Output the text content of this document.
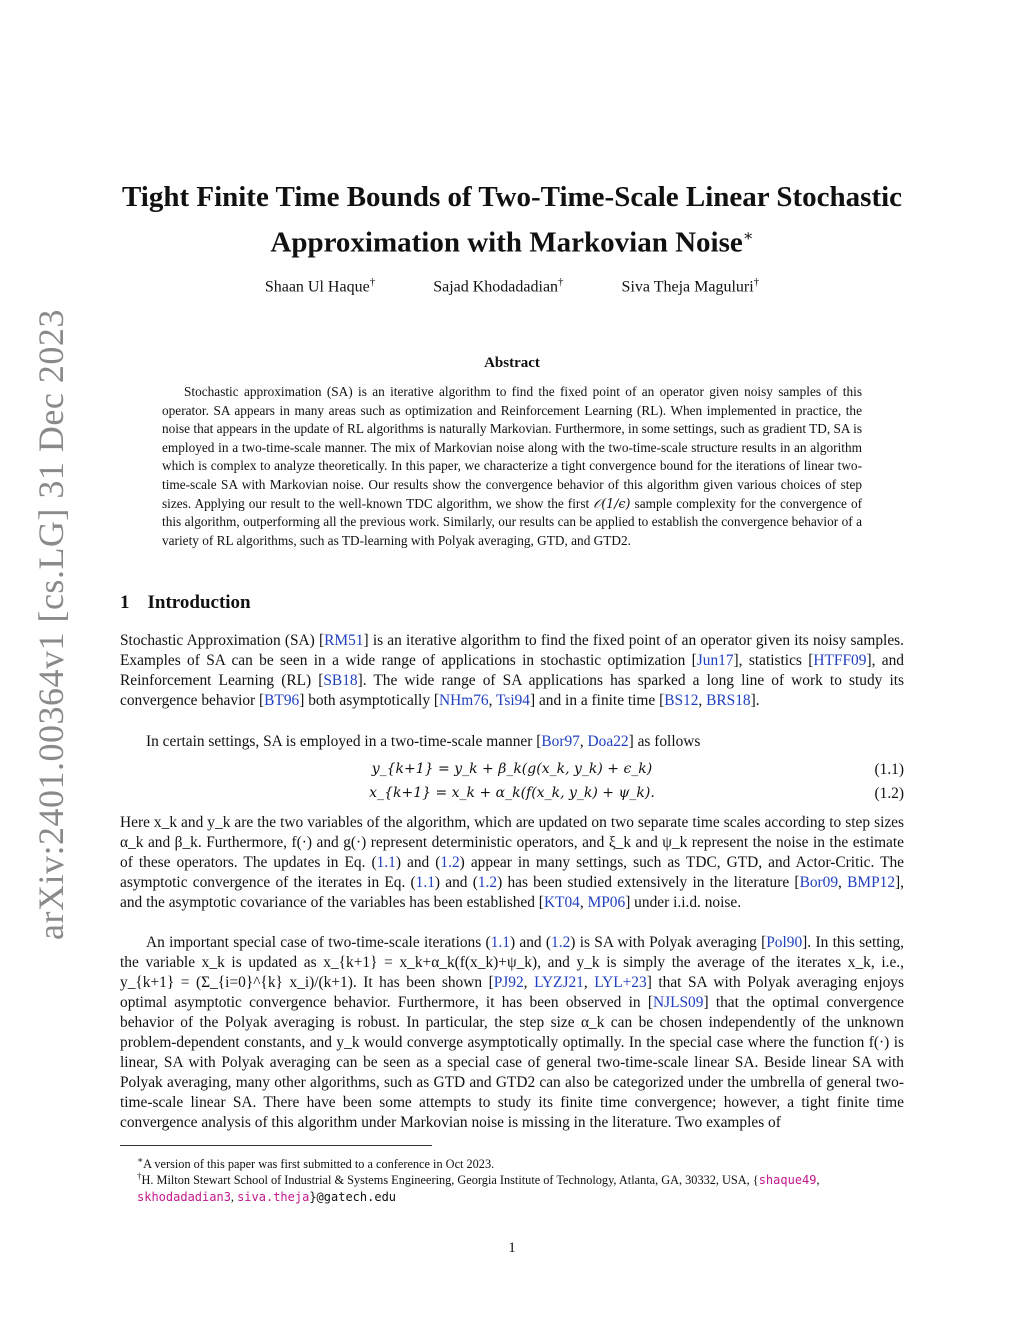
arXiv:2401.00364v1 [cs.LG] 31 Dec 2023
Tight Finite Time Bounds of Two-Time-Scale Linear Stochastic
Approximation with Markovian Noise∗
Shaan Ul Haque†	Sajad Khodadadian†	Siva Theja Maguluri†
Abstract
Stochastic approximation (SA) is an iterative algorithm to find the fixed point of an operator given noisy samples of this operator. SA appears in many areas such as optimization and Reinforcement Learning (RL). When implemented in practice, the noise that appears in the update of RL algorithms is naturally Markovian. Furthermore, in some settings, such as gradient TD, SA is employed in a two-time-scale manner. The mix of Markovian noise along with the two-time-scale structure results in an algorithm which is complex to analyze theoretically. In this paper, we characterize a tight convergence bound for the iterations of linear two-time-scale SA with Markovian noise. Our results show the convergence behavior of this algorithm given various choices of step sizes. Applying our result to the well-known TDC algorithm, we show the first 𝒪(1/ϵ) sample complexity for the convergence of this algorithm, outperforming all the previous work. Similarly, our results can be applied to establish the convergence behavior of a variety of RL algorithms, such as TD-learning with Polyak averaging, GTD, and GTD2.
1 Introduction
Stochastic Approximation (SA) [RM51] is an iterative algorithm to find the fixed point of an operator given its noisy samples. Examples of SA can be seen in a wide range of applications in stochastic optimization [Jun17], statistics [HTFF09], and Reinforcement Learning (RL) [SB18]. The wide range of SA applications has sparked a long line of work to study its convergence behavior [BT96] both asymptotically [NHm76, Tsi94] and in a finite time [BS12, BRS18].
In certain settings, SA is employed in a two-time-scale manner [Bor97, Doa22] as follows
y_{k+1} = y_k + β_k(g(x_k, y_k) + ϵ_k)	(1.1)
x_{k+1} = x_k + α_k(f(x_k, y_k) + ψ_k).	(1.2)
Here x_k and y_k are the two variables of the algorithm, which are updated on two separate time scales according to step sizes α_k and β_k. Furthermore, f(·) and g(·) represent deterministic operators, and ξ_k and ψ_k represent the noise in the estimate of these operators. The updates in Eq. (1.1) and (1.2) appear in many settings, such as TDC, GTD, and Actor-Critic. The asymptotic convergence of the iterates in Eq. (1.1) and (1.2) has been studied extensively in the literature [Bor09, BMP12], and the asymptotic covariance of the variables has been established [KT04, MP06] under i.i.d. noise.
An important special case of two-time-scale iterations (1.1) and (1.2) is SA with Polyak averaging [Pol90]. In this setting, the variable x_k is updated as x_{k+1} = x_k+α_k(f(x_k)+ψ_k), and y_k is simply the average of the iterates x_k, i.e., y_{k+1} = (Σ_{i=0}^{k} x_i)/(k+1). It has been shown [PJ92, LYZJ21, LYL+23] that SA with Polyak averaging enjoys optimal asymptotic convergence behavior. Furthermore, it has been observed in [NJLS09] that the optimal convergence behavior of the Polyak averaging is robust. In particular, the step size α_k can be chosen independently of the unknown problem-dependent constants, and y_k would converge asymptotically optimally. In the special case where the function f(·) is linear, SA with Polyak averaging can be seen as a special case of general two-time-scale linear SA. Beside linear SA with Polyak averaging, many other algorithms, such as GTD and GTD2 can also be categorized under the umbrella of general two-time-scale linear SA. There have been some attempts to study its finite time convergence; however, a tight finite time convergence analysis of this algorithm under Markovian noise is missing in the literature. Two examples of
∗A version of this paper was first submitted to a conference in Oct 2023.
†H. Milton Stewart School of Industrial & Systems Engineering, Georgia Institute of Technology, Atlanta, GA, 30332, USA, {shaque49, skhodadadian3, siva.theja}@gatech.edu
1
